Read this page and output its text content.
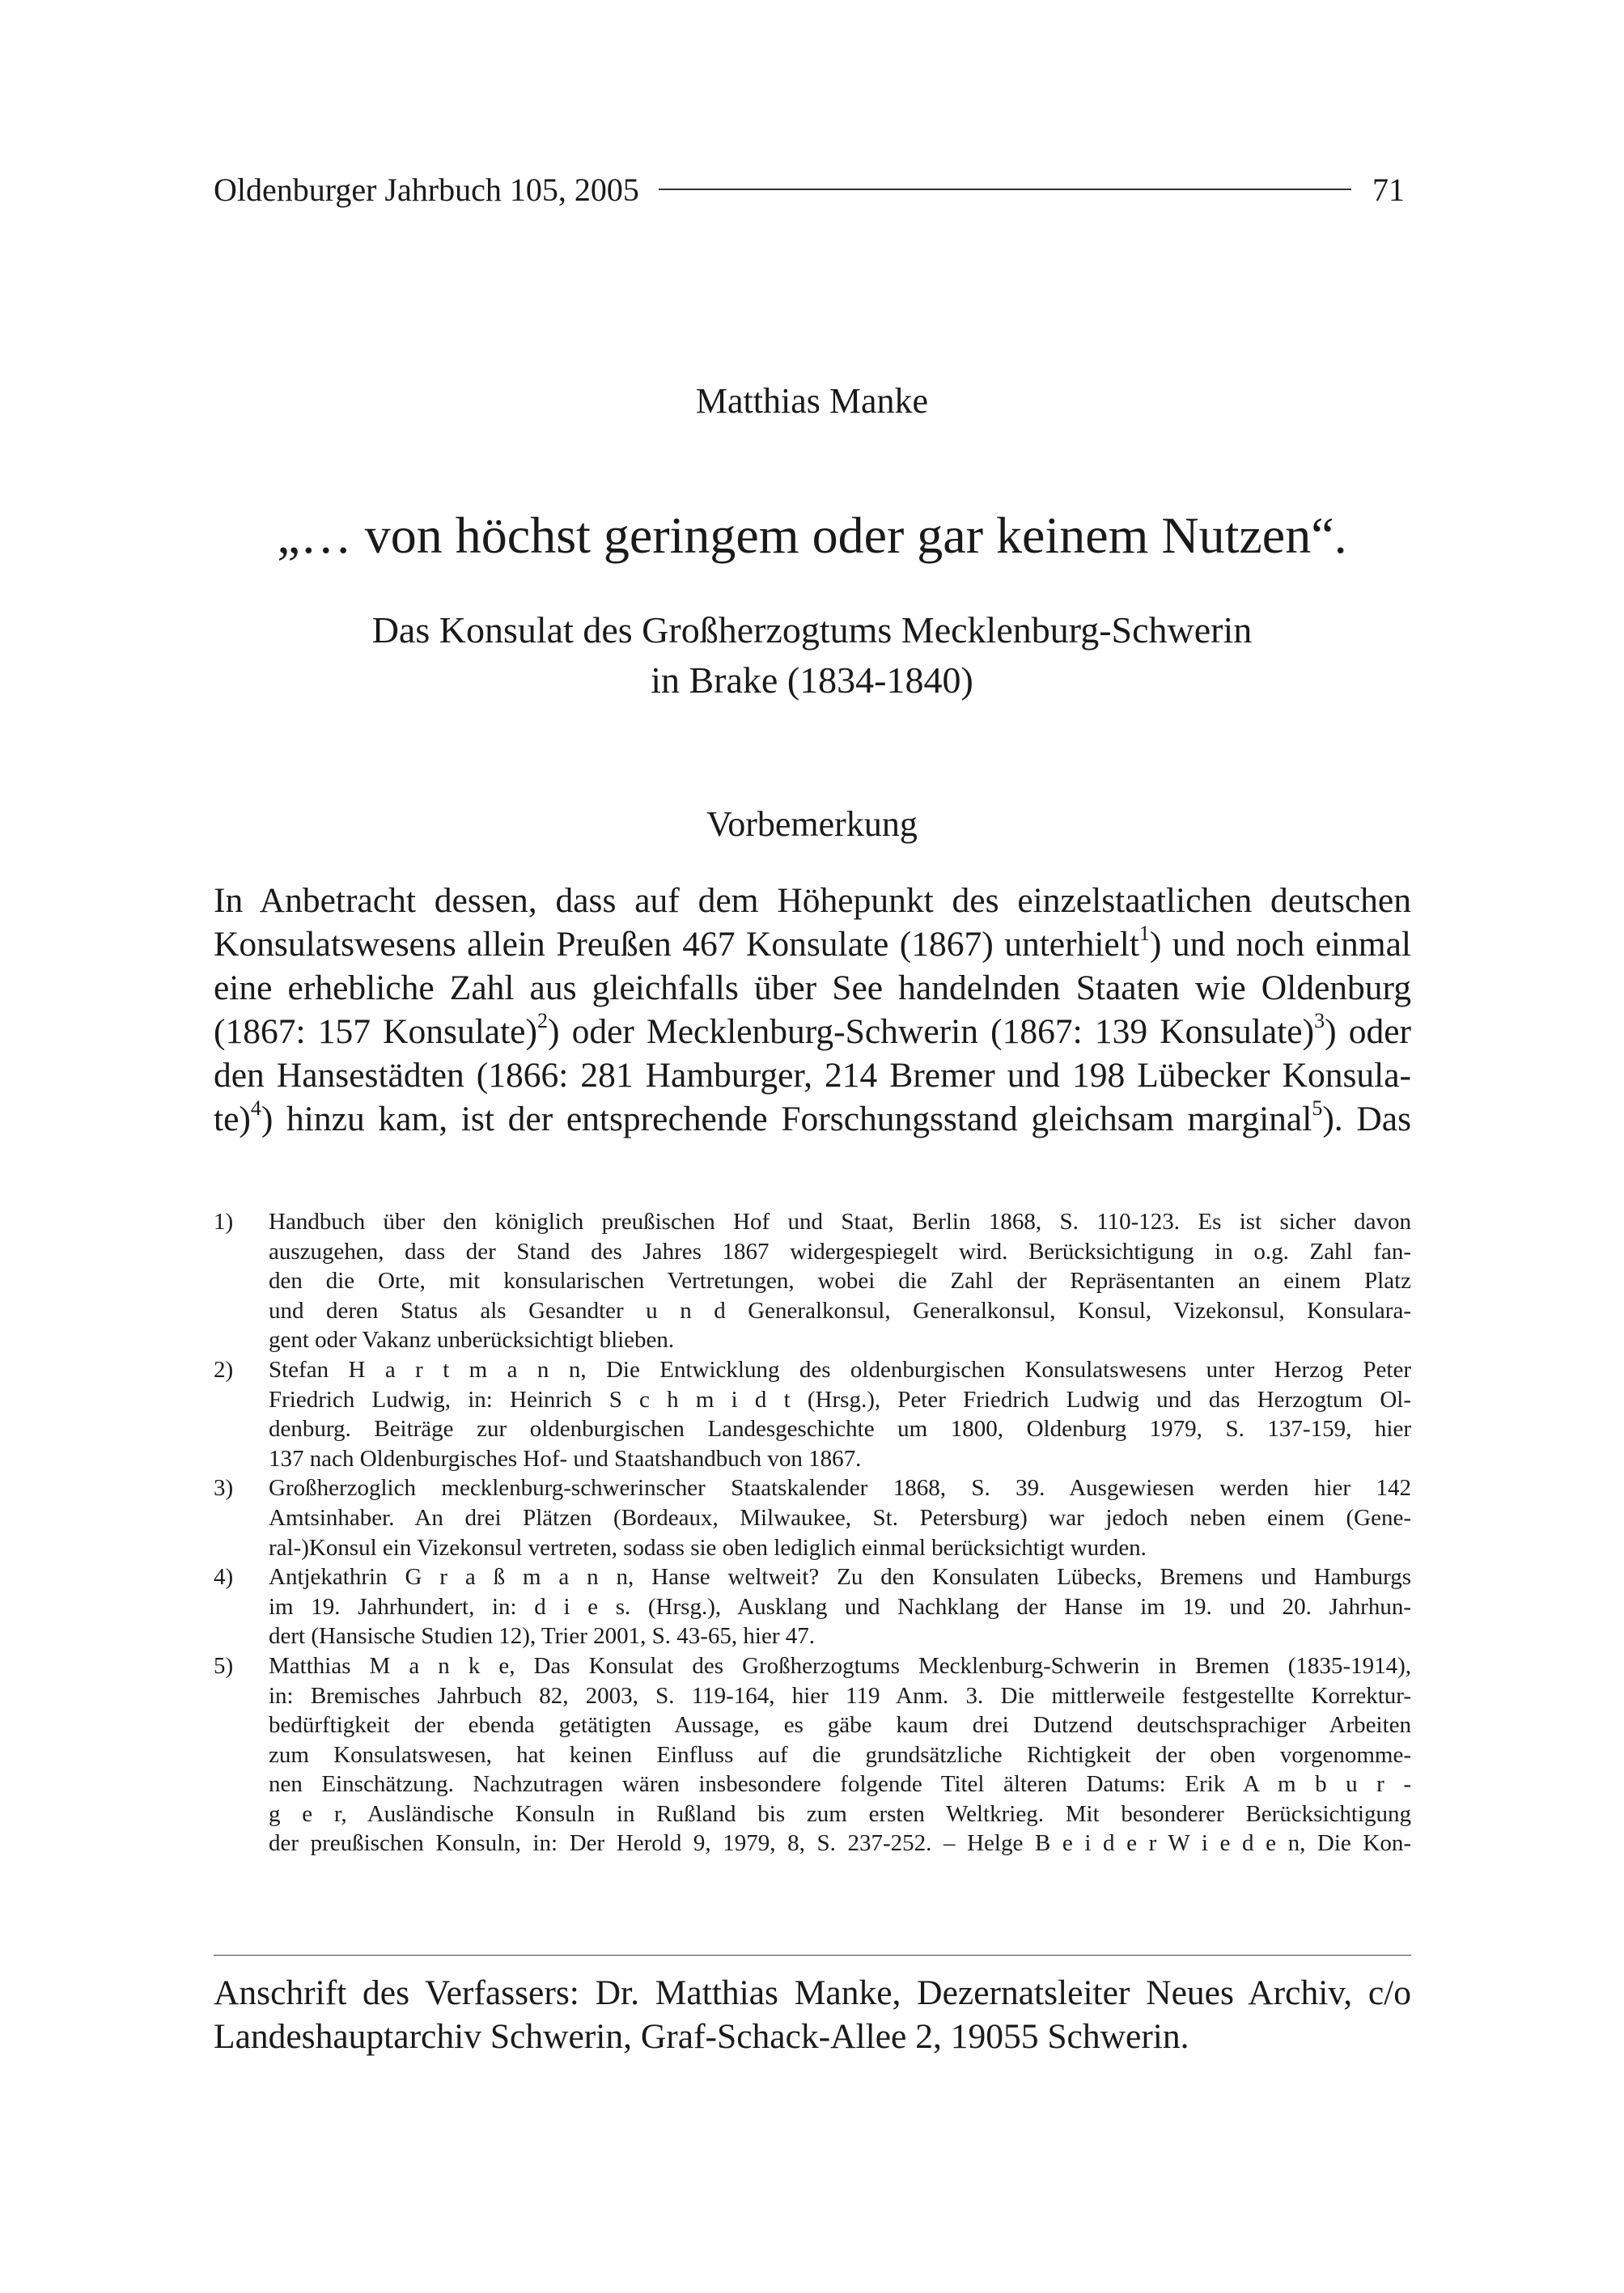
Oldenburger Jahrbuch 105, 2005	71
Matthias Manke
„… von höchst geringem oder gar keinem Nutzen“.
Das Konsulat des Großherzogtums Mecklenburg-Schwerin
in Brake (1834-1840)
Vorbemerkung
In Anbetracht dessen, dass auf dem Höhepunkt des einzelstaatlichen deutschen
Konsulatswesens allein Preußen 467 Konsulate (1867) unterhielt$^1$) und noch einmal
eine erhebliche Zahl aus gleichfalls über See handelnden Staaten wie Oldenburg
(1867: 157 Konsulate)$^2$) oder Mecklenburg-Schwerin (1867: 139 Konsulate)$^3$) oder
den Hansestädten (1866: 281 Hamburger, 214 Bremer und 198 Lübecker Konsula-
te)$^4$) hinzu kam, ist der entsprechende Forschungsstand gleichsam marginal$^5$). Das
1)	Handbuch über den königlich preußischen Hof und Staat, Berlin 1868, S. 110-123. Es ist sicher davon
auszugehen, dass der Stand des Jahres 1867 widergespiegelt wird. Berücksichtigung in o.g. Zahl fan-
den die Orte, mit konsularischen Vertretungen, wobei die Zahl der Repräsentanten an einem Platz
und deren Status als Gesandter u n d Generalkonsul, Generalkonsul, Konsul, Vizekonsul, Konsulara-
gent oder Vakanz unberücksichtigt blieben.
2)	Stefan H a r t m a n n, Die Entwicklung des oldenburgischen Konsulatswesens unter Herzog Peter
Friedrich Ludwig, in: Heinrich S c h m i d t (Hrsg.), Peter Friedrich Ludwig und das Herzogtum Ol-
denburg. Beiträge zur oldenburgischen Landesgeschichte um 1800, Oldenburg 1979, S. 137-159, hier
137 nach Oldenburgisches Hof- und Staatshandbuch von 1867.
3)	Großherzoglich mecklenburg-schwerinscher Staatskalender 1868, S. 39. Ausgewiesen werden hier 142
Amtsinhaber. An drei Plätzen (Bordeaux, Milwaukee, St. Petersburg) war jedoch neben einem (Gene-
ral-)Konsul ein Vizekonsul vertreten, sodass sie oben lediglich einmal berücksichtigt wurden.
4)	Antjekathrin G r a ß m a n n, Hanse weltweit? Zu den Konsulaten Lübecks, Bremens und Hamburgs
im 19. Jahrhundert, in: d i e s. (Hrsg.), Ausklang und Nachklang der Hanse im 19. und 20. Jahrhun-
dert (Hansische Studien 12), Trier 2001, S. 43-65, hier 47.
5)	Matthias M a n k e, Das Konsulat des Großherzogtums Mecklenburg-Schwerin in Bremen (1835-1914),
in: Bremisches Jahrbuch 82, 2003, S. 119-164, hier 119 Anm. 3. Die mittlerweile festgestellte Korrektur-
bedürftigkeit der ebenda getätigten Aussage, es gäbe kaum drei Dutzend deutschsprachiger Arbeiten
zum Konsulatswesen, hat keinen Einfluss auf die grundsätzliche Richtigkeit der oben vorgenomme-
nen Einschätzung. Nachzutragen wären insbesondere folgende Titel älteren Datums: Erik A m b u r -
g e r, Ausländische Konsuln in Rußland bis zum ersten Weltkrieg. Mit besonderer Berücksichtigung
der preußischen Konsuln, in: Der Herold 9, 1979, 8, S. 237-252. – Helge B e i d e r W i e d e n, Die Kon-
Anschrift des Verfassers: Dr. Matthias Manke, Dezernatsleiter Neues Archiv, c/o
Landeshauptarchiv Schwerin, Graf-Schack-Allee 2, 19055 Schwerin.
